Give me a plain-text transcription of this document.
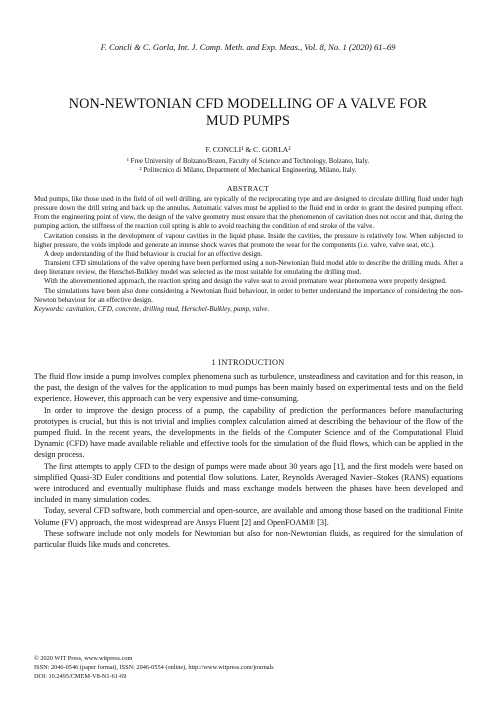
F. Concli & C. Gorla, Int. J. Comp. Meth. and Exp. Meas., Vol. 8, No. 1 (2020) 61–69
NON-NEWTONIAN CFD MODELLING OF A VALVE FOR MUD PUMPS
F. CONCLI¹ & C. GORLA²
¹ Free University of Bolzano/Bozen, Faculty of Science and Technology, Bolzano, Italy.
² Politecnico di Milano, Department of Mechanical Engineering, Milano, Italy.
ABSTRACT

Mud pumps, like those used in the field of oil well drilling, are typically of the reciprocating type and are designed to circulate drilling fluid under high pressure down the drill string and back up the annulus. Automatic valves must be applied to the fluid end in order to grant the desired pumping effect. From the engineering point of view, the design of the valve geometry must ensure that the phenomenon of cavitation does not occur and that, during the pumping action, the stiffness of the reaction coil spring is able to avoid reaching the condition of end stroke of the valve.

Cavitation consists in the development of vapour cavities in the liquid phase. Inside the cavities, the pressure is relatively low. When subjected to higher pressure, the voids implode and generate an intense shock waves that promote the wear for the components (i.e. valve, valve seat, etc.).

A deep understanding of the fluid behaviour is crucial for an effective design.

Transient CFD simulations of the valve opening have been performed using a non-Newtonian fluid model able to describe the drilling muds. After a deep literature review, the Herschel-Bulkley model was selected as the most suitable for emulating the drilling mud.

With the abovementioned approach, the reaction spring and design the valve seat to avoid premature wear phenomena were properly designed.

The simulations have been also done considering a Newtonian fluid behaviour, in order to better understand the importance of considering the non-Newton behaviour for an effective design.

Keywords: cavitation, CFD, concrete, drilling mud, Herschel-Bulkley, pump, valve.

1 INTRODUCTION

The fluid flow inside a pump involves complex phenomena such as turbulence, unsteadiness and cavitation and for this reason, in the past, the design of the valves for the application to mud pumps has been mainly based on experimental tests and on the field experience. However, this approach can be very expensive and time-consuming.

In order to improve the design process of a pump, the capability of prediction the performances before manufacturing prototypes is crucial, but this is not trivial and implies complex calculation aimed at describing the behaviour of the flow of the pumped fluid. In the recent years, the developments in the fields of the Computer Science and of the Computational Fluid Dynamic (CFD) have made available reliable and effective tools for the simulation of the fluid flows, which can be applied in the design process.

The first attempts to apply CFD to the design of pumps were made about 30 years ago [1], and the first models were based on simplified Quasi-3D Euler conditions and potential flow solutions. Later, Reynolds Averaged Navier–Stokes (RANS) equations were introduced and eventually multiphase fluids and mass exchange models between the phases have been developed and included in many simulation codes.

Today, several CFD software, both commercial and open-source, are available and among those based on the traditional Finite Volume (FV) approach, the most widespread are Ansys Fluent [2] and OpenFOAM® [3].

These software include not only models for Newtonian but also for non-Newtonian fluids, as required for the simulation of particular fluids like muds and concretes.

© 2020 WIT Press, www.witpress.com
ISSN: 2046-0546 (paper format), ISSN: 2046-0554 (online), http://www.witpress.com/journals
DOI: 10.2495/CMEM-V8-N1-61-69
